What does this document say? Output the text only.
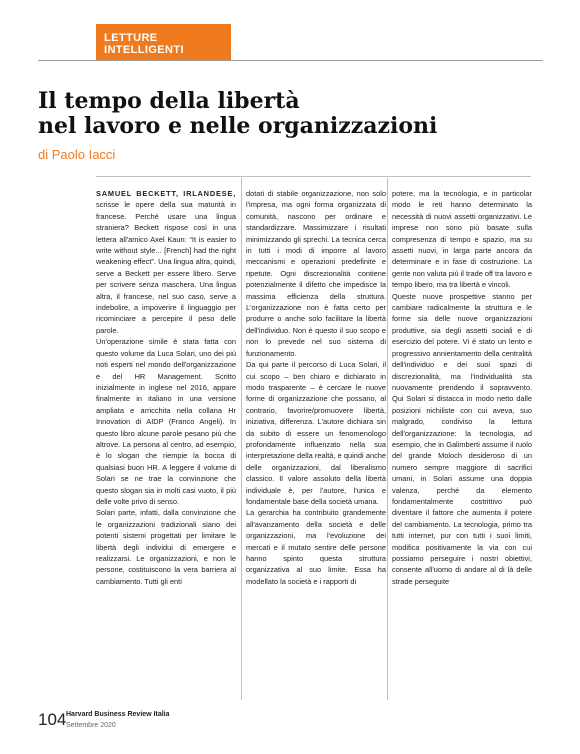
LETTURE INTELLIGENTI
Il tempo della libertà
nel lavoro e nelle organizzazioni
di Paolo Iacci

SAMUEL BECKETT, IRLANDESE, scrisse le opere della sua maturità in francese. Perché usare una lingua straniera? Beckett rispose così in una lettera all'amico Axel Kaun: “It is easier to write without style... [French] had the right weakening effect”. Una lingua altra, quindi, serve a Beckett per essere libero. Serve per scrivere senza maschera. Una lingua altra, il francese, nel suo caso, serve a indebolire, a impoverire il linguaggio per ricominciare a percepire il peso delle parole.

Un'operazione simile è stata fatta con questo volume da Luca Solari, uno dei più noti esperti nel mondo dell'organizzazione e del HR Management. Scritto inizialmente in inglese nel 2016, appare finalmente in italiano in una versione ampliata e arricchita nella collana Hr Innovation di AIDP (Franco Angeli). In questo libro alcune parole pesano più che altrove. La persona al centro, ad esempio, è lo slogan che riempie la bocca di qualsiasi buon HR. A leggere il volume di Solari se ne trae la convinzione che questo slogan sia in molti casi vuoto, il più delle volte privo di senso.

Solari parte, infatti, dalla convinzione che le organizzazioni tradizionali siano dei potenti sistemi progettati per limitare le libertà degli individui di emergere e realizzarsi. Le organizzazioni, e non le persone, costituiscono la vera barriera al cambiamento. Tutti gli enti

dotati di stabile organizzazione, non solo l'impresa, ma ogni forma organizzata di comunità, nascono per ordinare e standardizzare. Massimizzare i risultati minimizzando gli sprechi. La tecnica cerca in tutti i modi di imporre al lavoro meccanismi e operazioni predefinite e ripetute. Ogni discrezionalità contiene potenzialmente il difetto che impedisce la massima efficienza della struttura. L'organizzazione non è fatta certo per produrre o anche solo facilitare la libertà dell'individuo. Non è questo il suo scopo e non lo prevede nel suo sistema di funzionamento.

Da qui parte il percorso di Luca Solari, il cui scopo – ben chiaro e dichiarato in modo trasparente – è cercare le nuove forme di organizzazione che possano, al contrario, favorire/promuovere libertà, iniziativa, differenza. L'autore dichiara sin da subito di essere un fenomenologo profondamente influenzato nella sua interpretazione della realtà, e quindi anche delle organizzazioni, dal liberalismo classico. Il valore assoluto della libertà individuale è, per l'autore, l'unica e fondamentale base della società umana.

La gerarchia ha contribuito grandemente all'avanzamento della società e delle organizzazioni, ma l'evoluzione dei mercati e il mutato sentire delle persone hanno spinto questa struttura organizzativa al suo limite. Essa ha modellato la società e i rapporti di

potere, ma la tecnologia, e in particolar modo le reti hanno determinato la necessità di nuovi assetti organizzativi. Le imprese non sono più basate sulla compresenza di tempo e spazio, ma su assetti nuovi, in larga parte ancora da determinare e in fase di costruzione. La gente non valuta più il trade off tra lavoro e tempo libero, ma tra libertà e vincoli.

Queste nuove prospettive stanno per cambiare radicalmente la struttura e le forme sia delle nuove organizzazioni produttive, sia degli assetti sociali e di esercizio del potere. Vi è stato un lento e progressivo annientamento della centralità dell'individuo e dei suoi spazi di discrezionalità, ma l'individualità sta nuovamente prendendo il sopravvento. Qui Solari si distacca in modo netto dalle posizioni nichiliste con cui aveva, suo malgrado, condiviso la lettura dell'organizzazione: la tecnologia, ad esempio, che in Galimberti assume il ruolo del grande Moloch desideroso di un numero sempre maggiore di sacrifici umani, in Solari assume una doppia valenza, perché da elemento fondamentalmente costrittivo può diventare il fattore che aumenta il potere del cambiamento. La tecnologia, primo tra tutti internet, pur con tutti i suoi limiti, modifica positivamente la via con cui possiamo perseguire i nostri obiettivi, consente all'uomo di andare al di là delle strade perseguite

104 Harvard Business Review Italia
Settembre 2020
